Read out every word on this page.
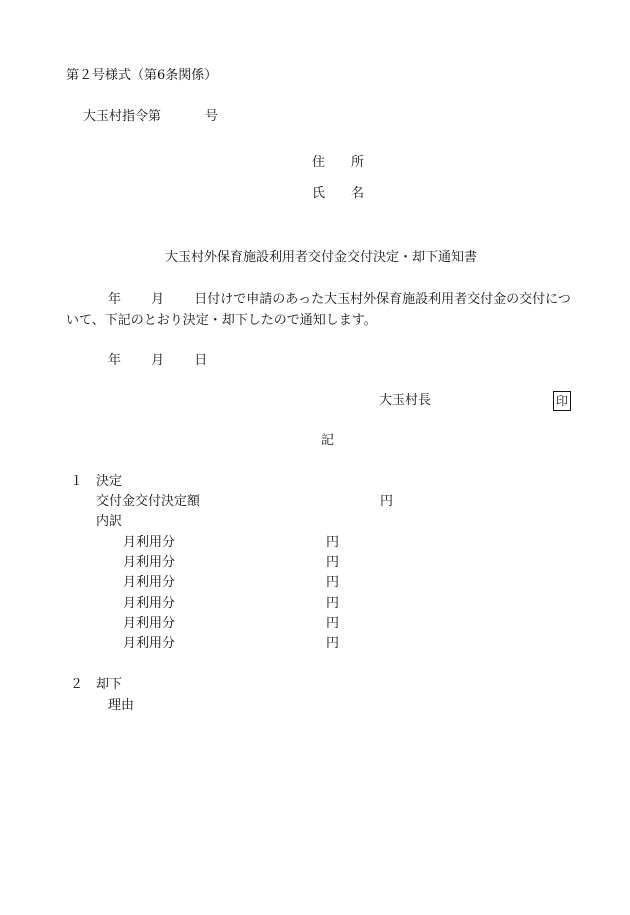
第２号様式（第6条関係）
大玉村指令第	号
住　　所
氏　　名
大玉村外保育施設利用者交付金交付決定・却下通知書
年　　 月　　 日付けで申請のあった大玉村外保育施設利用者交付金の交付につ
いて、下記のとおり決定・却下したので通知します。
年　　 月　　 日
大玉村長	印
記
１ 決定
交付金交付決定額	円
内訳
月利用分	円
月利用分	円
月利用分	円
月利用分	円
月利用分	円
月利用分	円
２ 却下
理由
